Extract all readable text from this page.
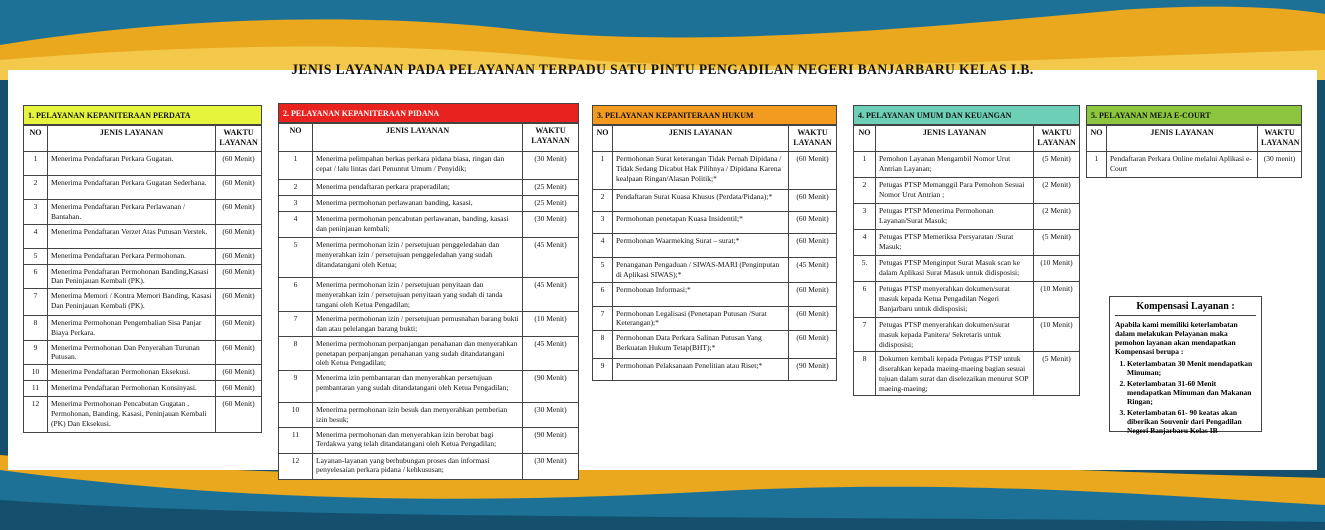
JENIS LAYANAN PADA PELAYANAN TERPADU SATU PINTU PENGADILAN NEGERI BANJARBARU KELAS I.B.
1. PELAYANAN KEPANITERAAN PERDATA
NO	JENIS LAYANAN	WAKTU LAYANAN
1	Menerima Pendaftaran Perkara Gugatan.	(60 Menit)
2	Menerima Pendaftaran Perkara Gugatan Sederhana.	(60 Menit)
3	Menerima Pendaftaran Perkara Perlawanan / Bantahan.	(60 Menit)
4	Menerima Pendaftaran Verzet Atas Putusan Verstek.	(60 Menit)
5	Menerima Pendaftaran Perkara Permohonan.	(60 Menit)
6	Menerima Pendaftaran Permohonan Banding,Kasasi Dan Peninjauan Kembali (PK).	(60 Menit)
7	Menerima Memori / Kontra Memori Banding, Kasasi Dan Peninjauan Kembali (PK).	(60 Menit)
8	Menerima Permohonan Pengembalian Sisa Panjar Biaya Perkara.	(60 Menit)
9	Menerima Permohonan Dan Penyerahan Turunan Putusan.	(60 Menit)
10	Menerima Pendaftaran Permohonan Eksekusi.	(60 Menit)
11	Menerima Pendaftaran Permohonan Konsinyasi.	(60 Menit)
12	Menerima Permohonan Pencabutan Gugatan , Permohonan, Banding, Kasasi, Peninjauan Kembali (PK) Dan Eksekusi.	(60 Menit)
2. PELAYANAN KEPANITERAAN PIDANA
NO	JENIS LAYANAN	WAKTU LAYANAN
1	Menerima pelimpahan berkas perkara pidana biasa, ringan dan cepat / lalu lintas dari Penuntut Umum / Penyidik;	(30 Menit)
2	Menerima pendaftaran perkara praperadilan;	(25 Menit)
3	Menerima permohonan perlawanan banding, kasasi,	(25 Menit)
4	Menerima permohonan pencabutan perlawanan, banding, kasasi dan peninjauan kembali;	(30 Menit)
5	Menerima permohonan izin / persetujuan penggeledahan dan menyerahkan izin / persetujuan penggeledahan yang sudah ditandatangani oleh Ketua;	(45 Menit)
6	Menerima permohonan izin / persetujuan penyitaan dan menyerahkan izin / persetujuan penyitaan yang sudah di tanda tangani oleh Ketua Pengadilan;	(45 Menit)
7	Menerima permohonan izin / persetujuan pemusnahan barang bukti dan atau pelelangan barang bukti;	(10 Menit)
8	Menerima permohonan perpanjangan penahanan dan menyerahkan penetapan perpanjangan penahanan yang sudah ditandatangani oleh Ketua Pengadilan;	(45 Menit)
9	Menerima izin pembantaran dan menyerahkan persetujuan pembantaran yang sudah ditandatangani oleh Ketua Pengadilan;	(90 Menit)
10	Menerima permohonan izin besuk dan menyerahkan pemberian izin besuk;	(30 Menit)
11	Menerima permohonan dan menyerahkan izin berobat bagi Terdakwa yang telah ditandatangani oleh Ketua Pengadilan;	(90 Menit)
12	Layanan-layanan yang berhubungan proses dan informasi penyelesaian perkara pidana / kehkususan;	(30 Menit)
3. PELAYANAN KEPANITERAAN HUKUM
NO	JENIS LAYANAN	WAKTU LAYANAN
1	Permohonan Surat keterangan Tidak Pernah Dipidana / Tidak Sedang Dicabut Hak Pilihnya / Dipidana Karena kealpaan Ringan/Alasan Politik;*	(60 Menit)
2	Pendaftaran Surat Kuasa Khusus (Perdata/Pidana);*	(60 Menit)
3	Permohonan penetapan Kuasa Insidentil;*	(60 Menit)
4	Permohonan Waarmeking Surat – surat;*	(60 Menit)
5	Penanganan Pengaduan / SIWAS-MARI (Penginputan di Aplikasi SIWAS);*	(45 Menit)
6	Permohonan Informasi;*	(60 Menit)
7	Permohonan Legalisasi (Penetapan Putusan /Surat Keterangan);*	(60 Menit)
8	Permohonan Data Perkara Salinan Putusan Yang Berkuatan Hukum Tetap(BHT);*	(60 Menit)
9	Permohonan Pelaksanaan Penelitian atau Riset;*	(90 Menit)
4. PELAYANAN UMUM DAN KEUANGAN
NO	JENIS LAYANAN	WAKTU LAYANAN
1	Pemohon Layanan Mengambil Nomor Urut Antrian Layanan;	(5 Menit)
2	Petugas PTSP Memanggil Para Pemohon Sesuai Nomor Urut Antrian ;	(2 Menit)
3	Petugas PTSP Menerima Permohonan Layanan/Surat Masuk;	(2 Menit)
4	Petugas PTSP Memeriksa Persyaratan /Surat Masuk;	(5 Menit)
5.	Petugas PTSP Menginput Surat Masuk scan ke dalam Aplikasi Surat Masuk untuk didisposisi;	(10 Menit)
6	Petugas PTSP menyerahkan dokumen/surat masuk kepada Ketua Pengadilan Negeri Banjarbaru untuk didisposisi;	(10 Menit)
7	Petugas PTSP menyerahkan dokumen/surat masuk kepada Panitera/ Sekretaris untuk didisposisi;	(10 Menit)
8	Dokumen kembali kepada Petugas PTSP untuk diserahkan kepada maeing-maeing bagian sesuai tujuan dalam surat dan diselezaikan menurut SOP maeing-maeing;	(5 Menit)
5. PELAYANAN MEJA E-COURT
NO	JENIS LAYANAN	WAKTU LAYANAN
1	Pendaftaran Perkara Online melalui Aplikasi e-Court	(30 menit)
Kompensasi Layanan :
Apabila kami memiliki keterlambatan dalam melakukan Pelayanan maka pemohon layanan akan mendapatkan Kompensasi berupa :
1. Keterlambatan 30 Menit mendapatkan Minuman;
2. Keterlambatan 31-60 Menit mendapatkan Minuman dan Makanan Ringan;
3. Keterlambatan 61- 90 keatas akan diberikan Souvenir dari Pengadilan Negeri Banjarbaru Kelas IB
